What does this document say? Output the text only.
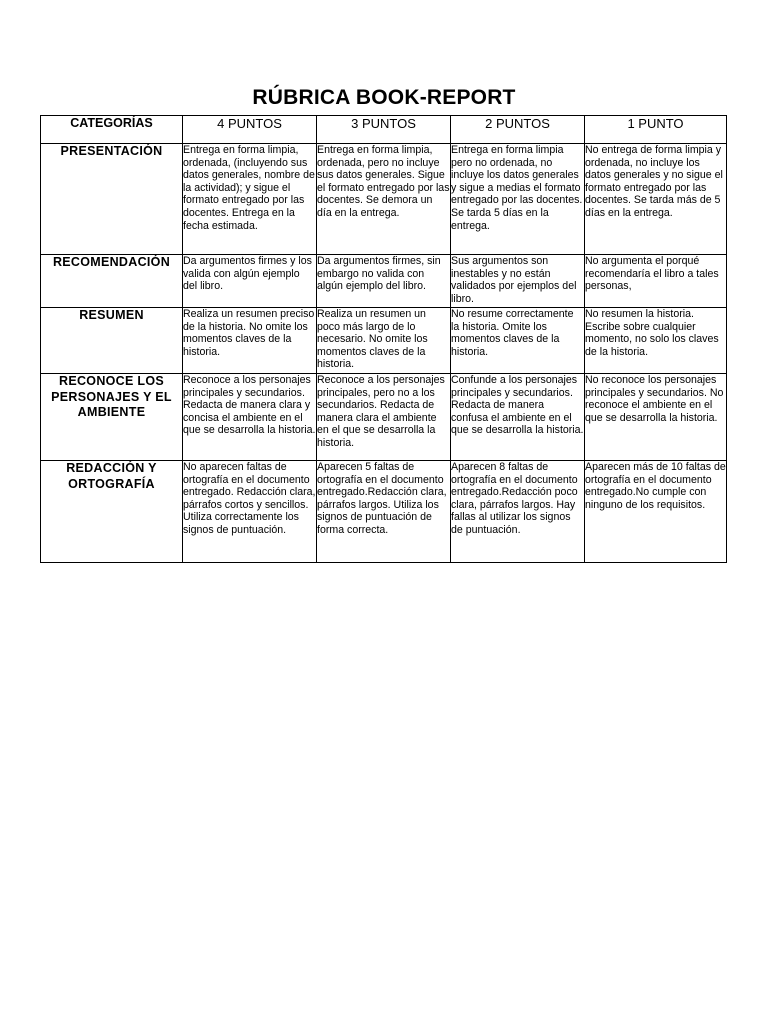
RÚBRICA BOOK-REPORT
CATEGORÍAS	4 PUNTOS	3 PUNTOS	2 PUNTOS	1 PUNTO
PRESENTACIÓN	Entrega en forma limpia, ordenada, (incluyendo sus datos generales, nombre de la actividad); y sigue el formato entregado por las docentes. Entrega en la fecha estimada.	Entrega en forma limpia, ordenada, pero no incluye sus datos generales. Sigue el formato entregado por las docentes. Se demora un día en la entrega.	Entrega en forma limpia pero no ordenada, no incluye los datos generales y sigue a medias el formato entregado por las docentes. Se tarda 5 días en la entrega.	No entrega de forma limpia y ordenada, no incluye los datos generales y no sigue el formato entregado por las docentes. Se tarda más de 5 días en la entrega.
RECOMENDACIÓN	Da argumentos firmes y los valida con algún ejemplo del libro.	Da argumentos firmes, sin embargo no valida con algún ejemplo del libro.	Sus argumentos son inestables y no están validados por ejemplos del libro.	No argumenta el porqué recomendaría el libro a tales personas,
RESUMEN	Realiza un resumen preciso de la historia. No omite los momentos claves de la historia.	Realiza un resumen un poco más largo de lo necesario. No omite los momentos claves de la historia.	No resume correctamente la historia. Omite los momentos claves de la historia.	No resumen la historia. Escribe sobre cualquier momento, no solo los claves de la historia.
RECONOCE LOS PERSONAJES Y EL AMBIENTE	Reconoce a los personajes principales y secundarios. Redacta de manera clara y concisa el ambiente en el que se desarrolla la historia.	Reconoce a los personajes principales, pero no a los secundarios. Redacta de manera clara el ambiente en el que se desarrolla la historia.	Confunde a los personajes principales y secundarios. Redacta de manera confusa el ambiente en el que se desarrolla la historia.	No reconoce los personajes principales y secundarios. No reconoce el ambiente en el que se desarrolla la historia.
REDACCIÓN Y ORTOGRAFÍA	No aparecen faltas de ortografía en el documento entregado. Redacción clara, párrafos cortos y sencillos. Utiliza correctamente los signos de puntuación.	Aparecen 5 faltas de ortografía en el documento entregado.Redacción clara, párrafos largos. Utiliza los signos de puntuación de forma correcta.	Aparecen 8 faltas de ortografía en el documento entregado.Redacción poco clara, párrafos largos. Hay fallas al utilizar los signos de puntuación.	Aparecen más de 10 faltas de ortografía en el documento entregado.No cumple con ninguno de los requisitos.
